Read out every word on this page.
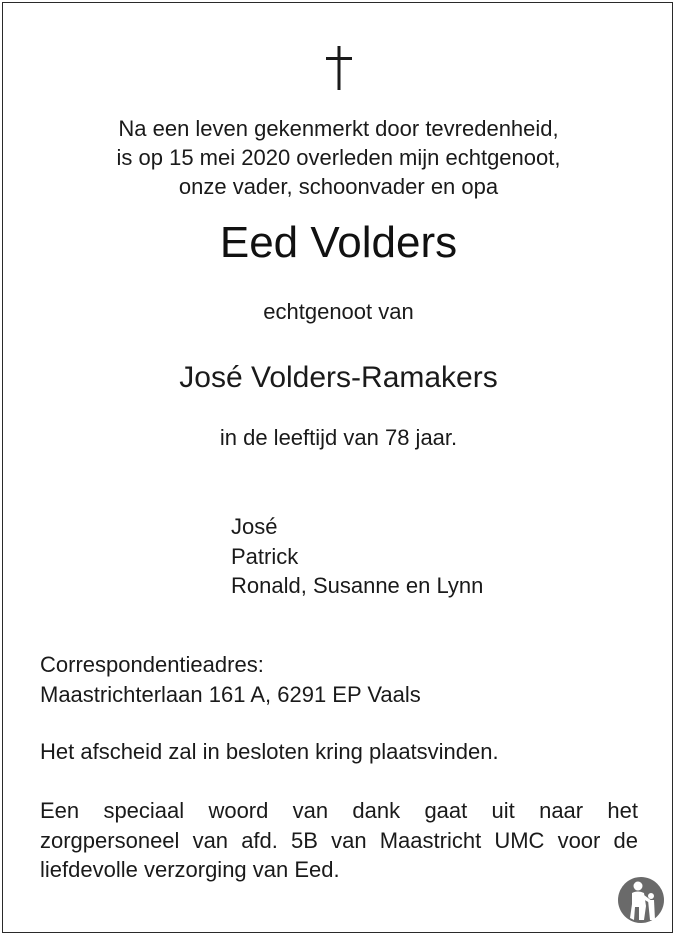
Na een leven gekenmerkt door tevredenheid,
is op 15 mei 2020 overleden mijn echtgenoot,
onze vader, schoonvader en opa
Eed Volders
echtgenoot van
José Volders-Ramakers
in de leeftijd van 78 jaar.
José
Patrick
Ronald, Susanne en Lynn
Correspondentieadres:
Maastrichterlaan 161 A, 6291 EP Vaals
Het afscheid zal in besloten kring plaatsvinden.
Een speciaal woord van dank gaat uit naar het zorgpersoneel van afd. 5B van Maastricht UMC voor de liefdevolle verzorging van Eed.
